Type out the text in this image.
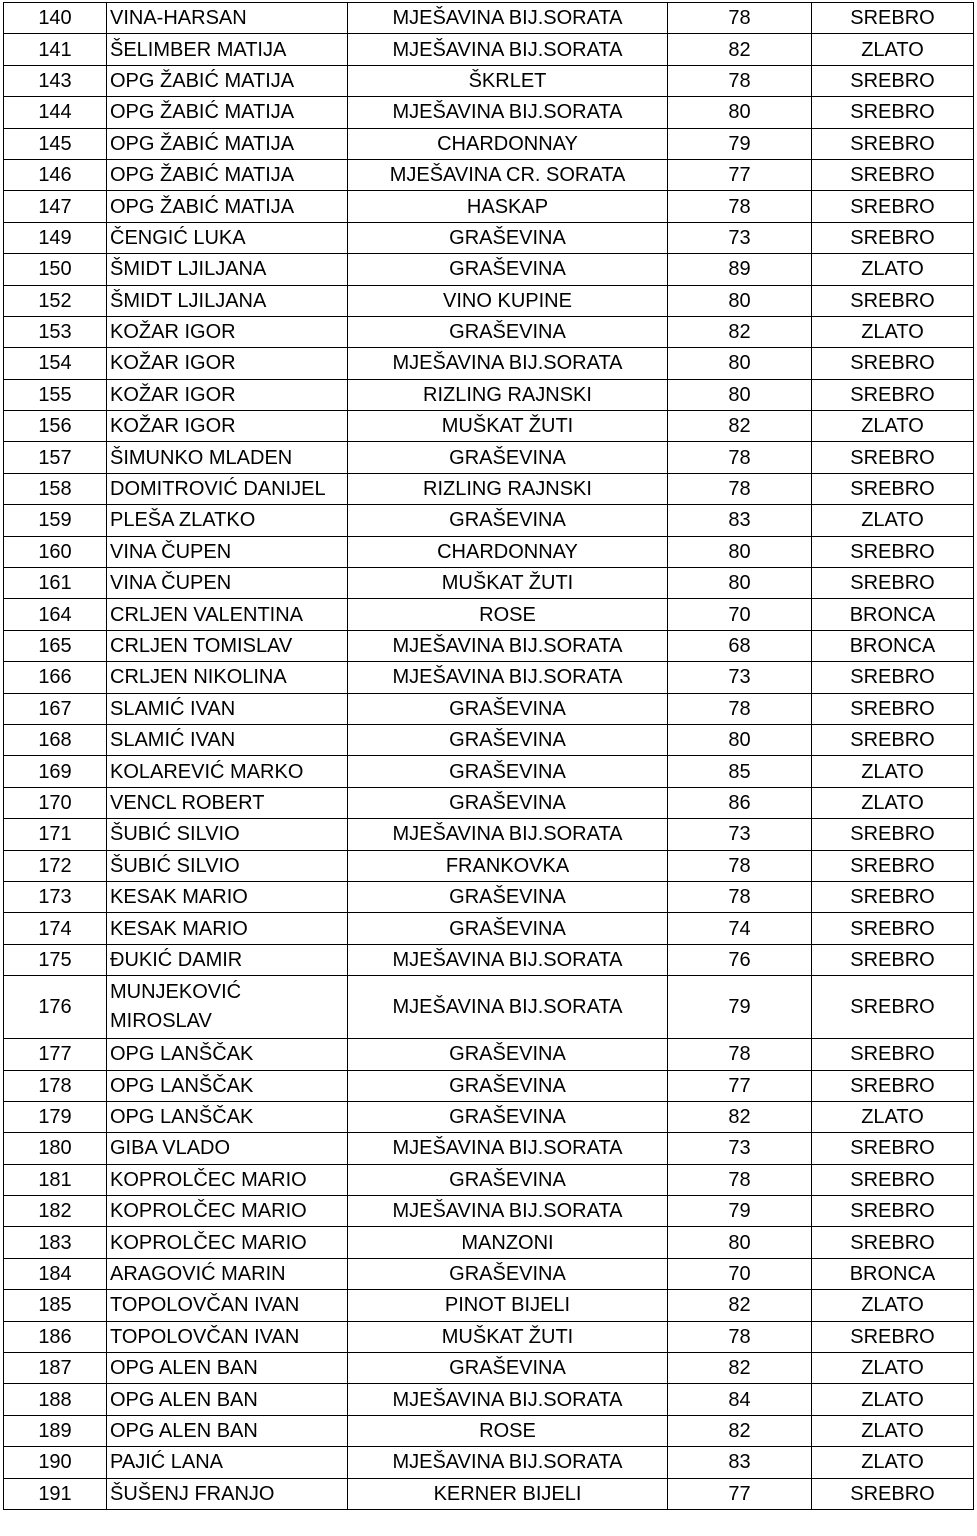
140	VINA-HARSAN	MJEŠAVINA BIJ.SORATA	78	SREBRO
141	ŠELIMBER MATIJA	MJEŠAVINA BIJ.SORATA	82	ZLATO
143	OPG ŽABIĆ MATIJA	ŠKRLET	78	SREBRO
144	OPG ŽABIĆ MATIJA	MJEŠAVINA BIJ.SORATA	80	SREBRO
145	OPG ŽABIĆ MATIJA	CHARDONNAY	79	SREBRO
146	OPG ŽABIĆ MATIJA	MJEŠAVINA CR. SORATA	77	SREBRO
147	OPG ŽABIĆ MATIJA	HASKAP	78	SREBRO
149	ČENGIĆ LUKA	GRAŠEVINA	73	SREBRO
150	ŠMIDT LJILJANA	GRAŠEVINA	89	ZLATO
152	ŠMIDT LJILJANA	VINO KUPINE	80	SREBRO
153	KOŽAR IGOR	GRAŠEVINA	82	ZLATO
154	KOŽAR IGOR	MJEŠAVINA BIJ.SORATA	80	SREBRO
155	KOŽAR IGOR	RIZLING RAJNSKI	80	SREBRO
156	KOŽAR IGOR	MUŠKAT ŽUTI	82	ZLATO
157	ŠIMUNKO MLADEN	GRAŠEVINA	78	SREBRO
158	DOMITROVIĆ DANIJEL	RIZLING RAJNSKI	78	SREBRO
159	PLEŠA ZLATKO	GRAŠEVINA	83	ZLATO
160	VINA ČUPEN	CHARDONNAY	80	SREBRO
161	VINA ČUPEN	MUŠKAT ŽUTI	80	SREBRO
164	CRLJEN VALENTINA	ROSE	70	BRONCA
165	CRLJEN TOMISLAV	MJEŠAVINA BIJ.SORATA	68	BRONCA
166	CRLJEN NIKOLINA	MJEŠAVINA BIJ.SORATA	73	SREBRO
167	SLAMIĆ IVAN	GRAŠEVINA	78	SREBRO
168	SLAMIĆ IVAN	GRAŠEVINA	80	SREBRO
169	KOLAREVIĆ MARKO	GRAŠEVINA	85	ZLATO
170	VENCL ROBERT	GRAŠEVINA	86	ZLATO
171	ŠUBIĆ SILVIO	MJEŠAVINA BIJ.SORATA	73	SREBRO
172	ŠUBIĆ SILVIO	FRANKOVKA	78	SREBRO
173	KESAK MARIO	GRAŠEVINA	78	SREBRO
174	KESAK MARIO	GRAŠEVINA	74	SREBRO
175	ĐUKIĆ DAMIR	MJEŠAVINA BIJ.SORATA	76	SREBRO
176	MUNJEKOVIĆ MIROSLAV	MJEŠAVINA BIJ.SORATA	79	SREBRO
177	OPG LANŠČAK	GRAŠEVINA	78	SREBRO
178	OPG LANŠČAK	GRAŠEVINA	77	SREBRO
179	OPG LANŠČAK	GRAŠEVINA	82	ZLATO
180	GIBA VLADO	MJEŠAVINA BIJ.SORATA	73	SREBRO
181	KOPROLČEC MARIO	GRAŠEVINA	78	SREBRO
182	KOPROLČEC MARIO	MJEŠAVINA BIJ.SORATA	79	SREBRO
183	KOPROLČEC MARIO	MANZONI	80	SREBRO
184	ARAGOVIĆ MARIN	GRAŠEVINA	70	BRONCA
185	TOPOLOVČAN IVAN	PINOT BIJELI	82	ZLATO
186	TOPOLOVČAN IVAN	MUŠKAT ŽUTI	78	SREBRO
187	OPG ALEN BAN	GRAŠEVINA	82	ZLATO
188	OPG ALEN BAN	MJEŠAVINA BIJ.SORATA	84	ZLATO
189	OPG ALEN BAN	ROSE	82	ZLATO
190	PAJIĆ LANA	MJEŠAVINA BIJ.SORATA	83	ZLATO
191	ŠUŠENJ FRANJO	KERNER BIJELI	77	SREBRO
